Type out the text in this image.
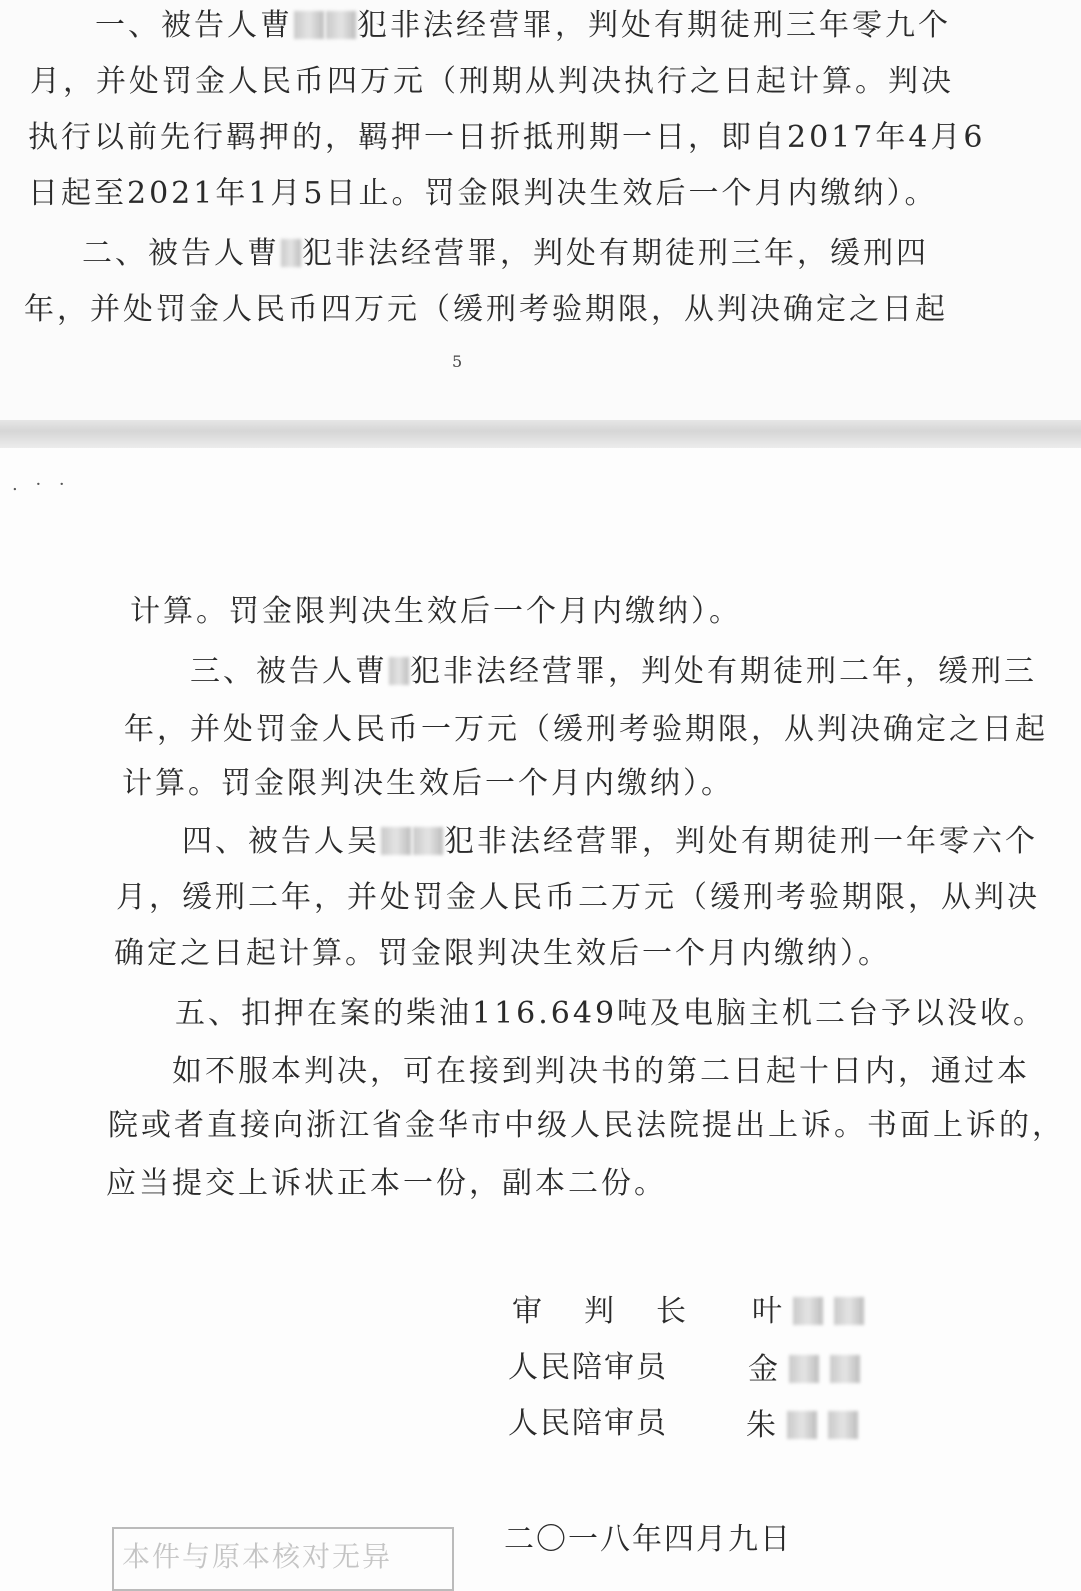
一、被告人曹 犯非法经营罪，判处有期徒刑三年零九个
月，并处罚金人民币四万元（刑期从判决执行之日起计算。判决
执行以前先行羁押的，羁押一日折抵刑期一日，即自2017年4月6
日起至2021年1月5日止。罚金限判决生效后一个月内缴纳）。
二、被告人曹 犯非法经营罪，判处有期徒刑三年，缓刑四
年，并处罚金人民币四万元（缓刑考验期限，从判决确定之日起
5
. · ·
计算。罚金限判决生效后一个月内缴纳）。
三、被告人曹 犯非法经营罪，判处有期徒刑二年，缓刑三
年，并处罚金人民币一万元（缓刑考验期限，从判决确定之日起
计算。罚金限判决生效后一个月内缴纳）。
四、被告人吴 犯非法经营罪，判处有期徒刑一年零六个
月，缓刑二年，并处罚金人民币二万元（缓刑考验期限，从判决
确定之日起计算。罚金限判决生效后一个月内缴纳）。
五、扣押在案的柴油116.649吨及电脑主机二台予以没收。
如不服本判决，可在接到判决书的第二日起十日内，通过本
院或者直接向浙江省金华市中级人民法院提出上诉。书面上诉的，
应当提交上诉状正本一份，副本二份。
审　判　长 叶
人民陪审员	金
人民陪审员	朱
二〇一八年四月九日
本件与原本核对无异
